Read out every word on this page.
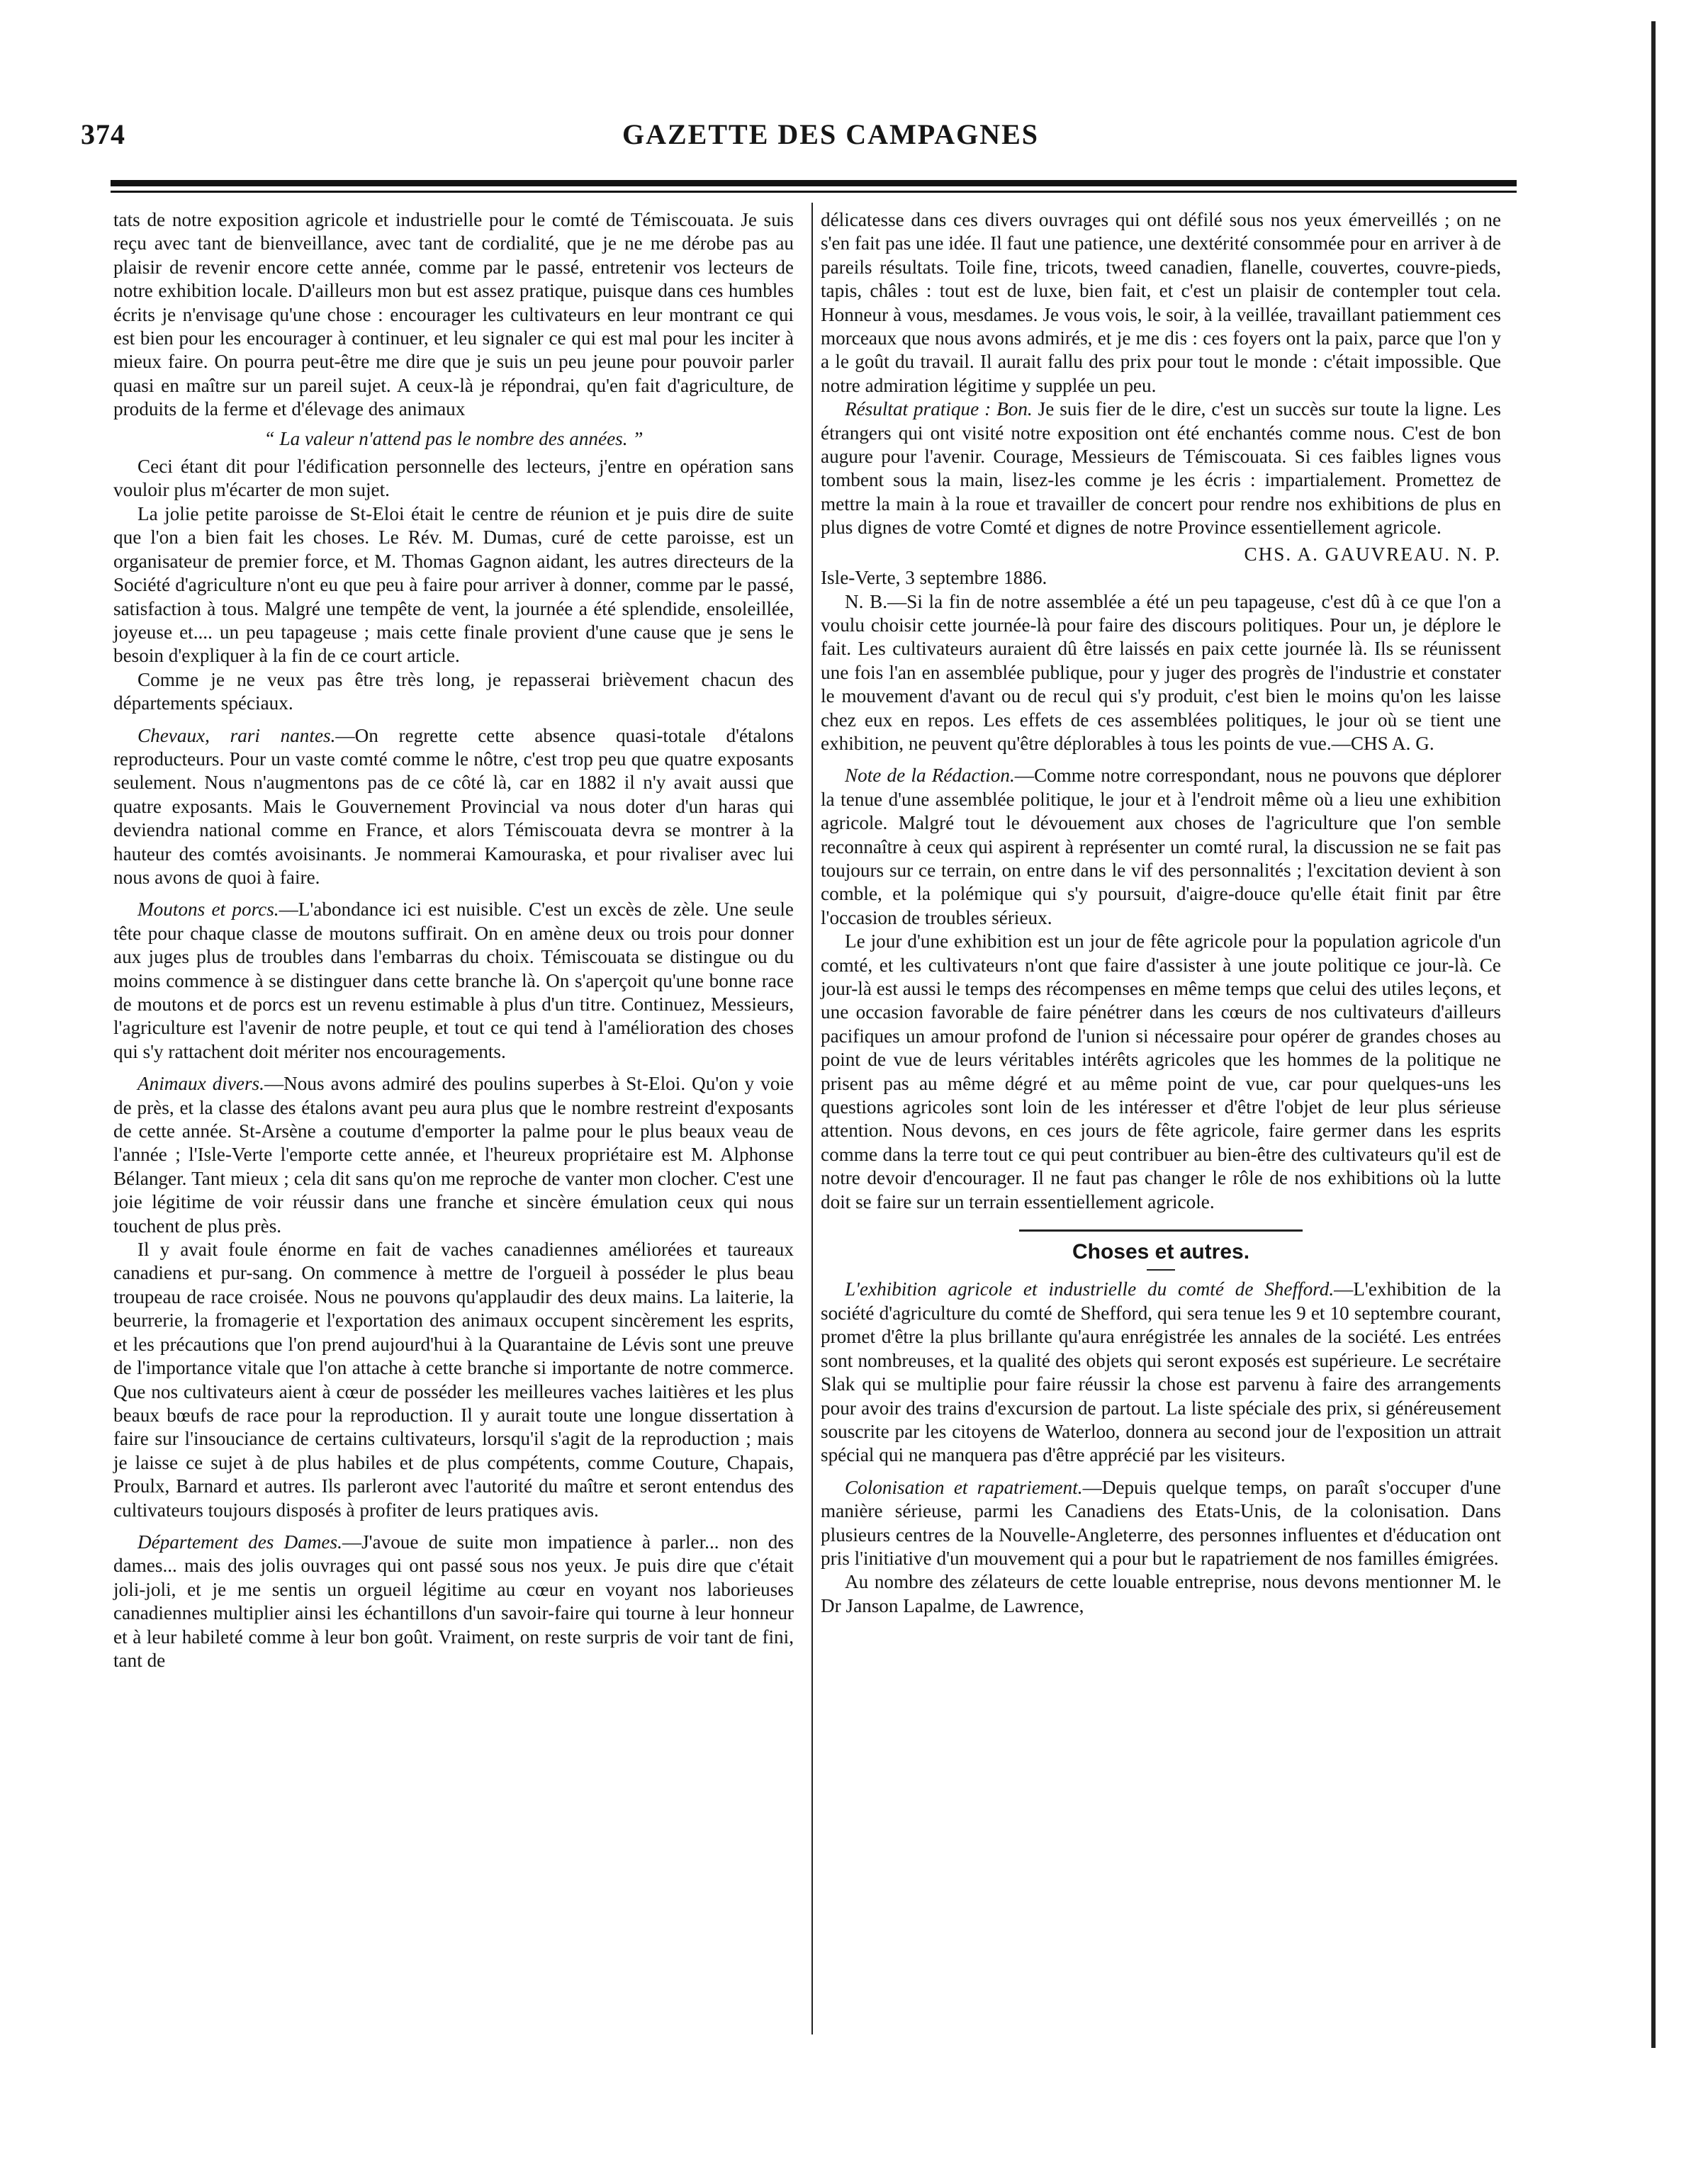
374	GAZETTE DES CAMPAGNES

tats de notre exposition agricole et industrielle pour le comté de Témiscouata. Je suis reçu avec tant de bienveillance, avec tant de cordialité, que je ne me dérobe pas au plaisir de revenir encore cette année, comme par le passé, entretenir vos lecteurs de notre exhibition locale. D'ailleurs mon but est assez pratique, puisque dans ces humbles écrits je n'envisage qu'une chose : encourager les cultivateurs en leur montrant ce qui est bien pour les encourager à continuer, et leu signaler ce qui est mal pour les inciter à mieux faire. On pourra peut-être me dire que je suis un peu jeune pour pouvoir parler quasi en maître sur un pareil sujet. A ceux-là je répondrai, qu'en fait d'agriculture, de produits de la ferme et d'élevage des animaux

“ La valeur n'attend pas le nombre des années. ”

Ceci étant dit pour l'édification personnelle des lecteurs, j'entre en opération sans vouloir plus m'écarter de mon sujet.

La jolie petite paroisse de St-Eloi était le centre de réunion et je puis dire de suite que l'on a bien fait les choses. Le Rév. M. Dumas, curé de cette paroisse, est un organisateur de premier force, et M. Thomas Gagnon aidant, les autres directeurs de la Société d'agriculture n'ont eu que peu à faire pour arriver à donner, comme par le passé, satisfaction à tous. Malgré une tempête de vent, la journée a été splendide, ensoleillée, joyeuse et.... un peu tapageuse ; mais cette finale provient d'une cause que je sens le besoin d'expliquer à la fin de ce court article.

Comme je ne veux pas être très long, je repasserai brièvement chacun des départements spéciaux.

Chevaux, rari nantes.—On regrette cette absence quasi-totale d'étalons reproducteurs. Pour un vaste comté comme le nôtre, c'est trop peu que quatre exposants seulement. Nous n'augmentons pas de ce côté là, car en 1882 il n'y avait aussi que quatre exposants. Mais le Gouvernement Provincial va nous doter d'un haras qui deviendra national comme en France, et alors Témiscouata devra se montrer à la hauteur des comtés avoisinants. Je nommerai Kamouraska, et pour rivaliser avec lui nous avons de quoi à faire.

Moutons et porcs.—L'abondance ici est nuisible. C'est un excès de zèle. Une seule tête pour chaque classe de moutons suffirait. On en amène deux ou trois pour donner aux juges plus de troubles dans l'embarras du choix. Témiscouata se distingue ou du moins commence à se distinguer dans cette branche là. On s'aperçoit qu'une bonne race de moutons et de porcs est un revenu estimable à plus d'un titre. Continuez, Messieurs, l'agriculture est l'avenir de notre peuple, et tout ce qui tend à l'amélioration des choses qui s'y rattachent doit mériter nos encouragements.

Animaux divers.—Nous avons admiré des poulins superbes à St-Eloi. Qu'on y voie de près, et la classe des étalons avant peu aura plus que le nombre restreint d'exposants de cette année. St-Arsène a coutume d'emporter la palme pour le plus beaux veau de l'année ; l'Isle-Verte l'emporte cette année, et l'heureux propriétaire est M. Alphonse Bélanger. Tant mieux ; cela dit sans qu'on me reproche de vanter mon clocher. C'est une joie légitime de voir réussir dans une franche et sincère émulation ceux qui nous touchent de plus près.

Il y avait foule énorme en fait de vaches canadiennes améliorées et taureaux canadiens et pur-sang. On commence à mettre de l'orgueil à posséder le plus beau troupeau de race croisée. Nous ne pouvons qu'applaudir des deux mains. La laiterie, la beurrerie, la fromagerie et l'exportation des animaux occupent sincèrement les esprits, et les précautions que l'on prend aujourd'hui à la Quarantaine de Lévis sont une preuve de l'importance vitale que l'on attache à cette branche si importante de notre commerce. Que nos cultivateurs aient à cœur de posséder les meilleures vaches laitières et les plus beaux bœufs de race pour la reproduction. Il y aurait toute une longue dissertation à faire sur l'insouciance de certains cultivateurs, lorsqu'il s'agit de la reproduction ; mais je laisse ce sujet à de plus habiles et de plus compétents, comme Couture, Chapais, Proulx, Barnard et autres. Ils parleront avec l'autorité du maître et seront entendus des cultivateurs toujours disposés à profiter de leurs pratiques avis.

Département des Dames.—J'avoue de suite mon impatience à parler... non des dames... mais des jolis ouvrages qui ont passé sous nos yeux. Je puis dire que c'était joli-joli, et je me sentis un orgueil légitime au cœur en voyant nos laborieuses canadiennes multiplier ainsi les échantillons d'un savoir-faire qui tourne à leur honneur et à leur habileté comme à leur bon goût. Vraiment, on reste surpris de voir tant de fini, tant de

délicatesse dans ces divers ouvrages qui ont défilé sous nos yeux émerveillés ; on ne s'en fait pas une idée. Il faut une patience, une dextérité consommée pour en arriver à de pareils résultats. Toile fine, tricots, tweed canadien, flanelle, couvertes, couvre-pieds, tapis, châles : tout est de luxe, bien fait, et c'est un plaisir de contempler tout cela. Honneur à vous, mesdames. Je vous vois, le soir, à la veillée, travaillant patiemment ces morceaux que nous avons admirés, et je me dis : ces foyers ont la paix, parce que l'on y a le goût du travail. Il aurait fallu des prix pour tout le monde : c'était impossible. Que notre admiration légitime y supplée un peu.

Résultat pratique : Bon. Je suis fier de le dire, c'est un succès sur toute la ligne. Les étrangers qui ont visité notre exposition ont été enchantés comme nous. C'est de bon augure pour l'avenir. Courage, Messieurs de Témiscouata. Si ces faibles lignes vous tombent sous la main, lisez-les comme je les écris : impartialement. Promettez de mettre la main à la roue et travailler de concert pour rendre nos exhibitions de plus en plus dignes de votre Comté et dignes de notre Province essentiellement agricole.

CHS. A. GAUVREAU. N. P.

Isle-Verte, 3 septembre 1886.

N. B.—Si la fin de notre assemblée a été un peu tapageuse, c'est dû à ce que l'on a voulu choisir cette journée-là pour faire des discours politiques. Pour un, je déplore le fait. Les cultivateurs auraient dû être laissés en paix cette journée là. Ils se réunissent une fois l'an en assemblée publique, pour y juger des progrès de l'industrie et constater le mouvement d'avant ou de recul qui s'y produit, c'est bien le moins qu'on les laisse chez eux en repos. Les effets de ces assemblées politiques, le jour où se tient une exhibition, ne peuvent qu'être déplorables à tous les points de vue.—CHS A. G.

Note de la Rédaction.—Comme notre correspondant, nous ne pouvons que déplorer la tenue d'une assemblée politique, le jour et à l'endroit même où a lieu une exhibition agricole. Malgré tout le dévouement aux choses de l'agriculture que l'on semble reconnaître à ceux qui aspirent à représenter un comté rural, la discussion ne se fait pas toujours sur ce terrain, on entre dans le vif des personnalités ; l'excitation devient à son comble, et la polémique qui s'y poursuit, d'aigre-douce qu'elle était finit par être l'occasion de troubles sérieux.

Le jour d'une exhibition est un jour de fête agricole pour la population agricole d'un comté, et les cultivateurs n'ont que faire d'assister à une joute politique ce jour-là. Ce jour-là est aussi le temps des récompenses en même temps que celui des utiles leçons, et une occasion favorable de faire pénétrer dans les cœurs de nos cultivateurs d'ailleurs pacifiques un amour profond de l'union si nécessaire pour opérer de grandes choses au point de vue de leurs véritables intérêts agricoles que les hommes de la politique ne prisent pas au même dégré et au même point de vue, car pour quelques-uns les questions agricoles sont loin de les intéresser et d'être l'objet de leur plus sérieuse attention. Nous devons, en ces jours de fête agricole, faire germer dans les esprits comme dans la terre tout ce qui peut contribuer au bien-être des cultivateurs qu'il est de notre devoir d'encourager. Il ne faut pas changer le rôle de nos exhibitions où la lutte doit se faire sur un terrain essentiellement agricole.

Choses et autres.

L'exhibition agricole et industrielle du comté de Shefford.—L'exhibition de la société d'agriculture du comté de Shefford, qui sera tenue les 9 et 10 septembre courant, promet d'être la plus brillante qu'aura enrégistrée les annales de la société. Les entrées sont nombreuses, et la qualité des objets qui seront exposés est supérieure. Le secrétaire Slak qui se multiplie pour faire réussir la chose est parvenu à faire des arrangements pour avoir des trains d'excursion de partout. La liste spéciale des prix, si généreusement souscrite par les citoyens de Waterloo, donnera au second jour de l'exposition un attrait spécial qui ne manquera pas d'être apprécié par les visiteurs.

Colonisation et rapatriement.—Depuis quelque temps, on paraît s'occuper d'une manière sérieuse, parmi les Canadiens des Etats-Unis, de la colonisation. Dans plusieurs centres de la Nouvelle-Angleterre, des personnes influentes et d'éducation ont pris l'initiative d'un mouvement qui a pour but le rapatriement de nos familles émigrées.

Au nombre des zélateurs de cette louable entreprise, nous devons mentionner M. le Dr Janson Lapalme, de Lawrence,
